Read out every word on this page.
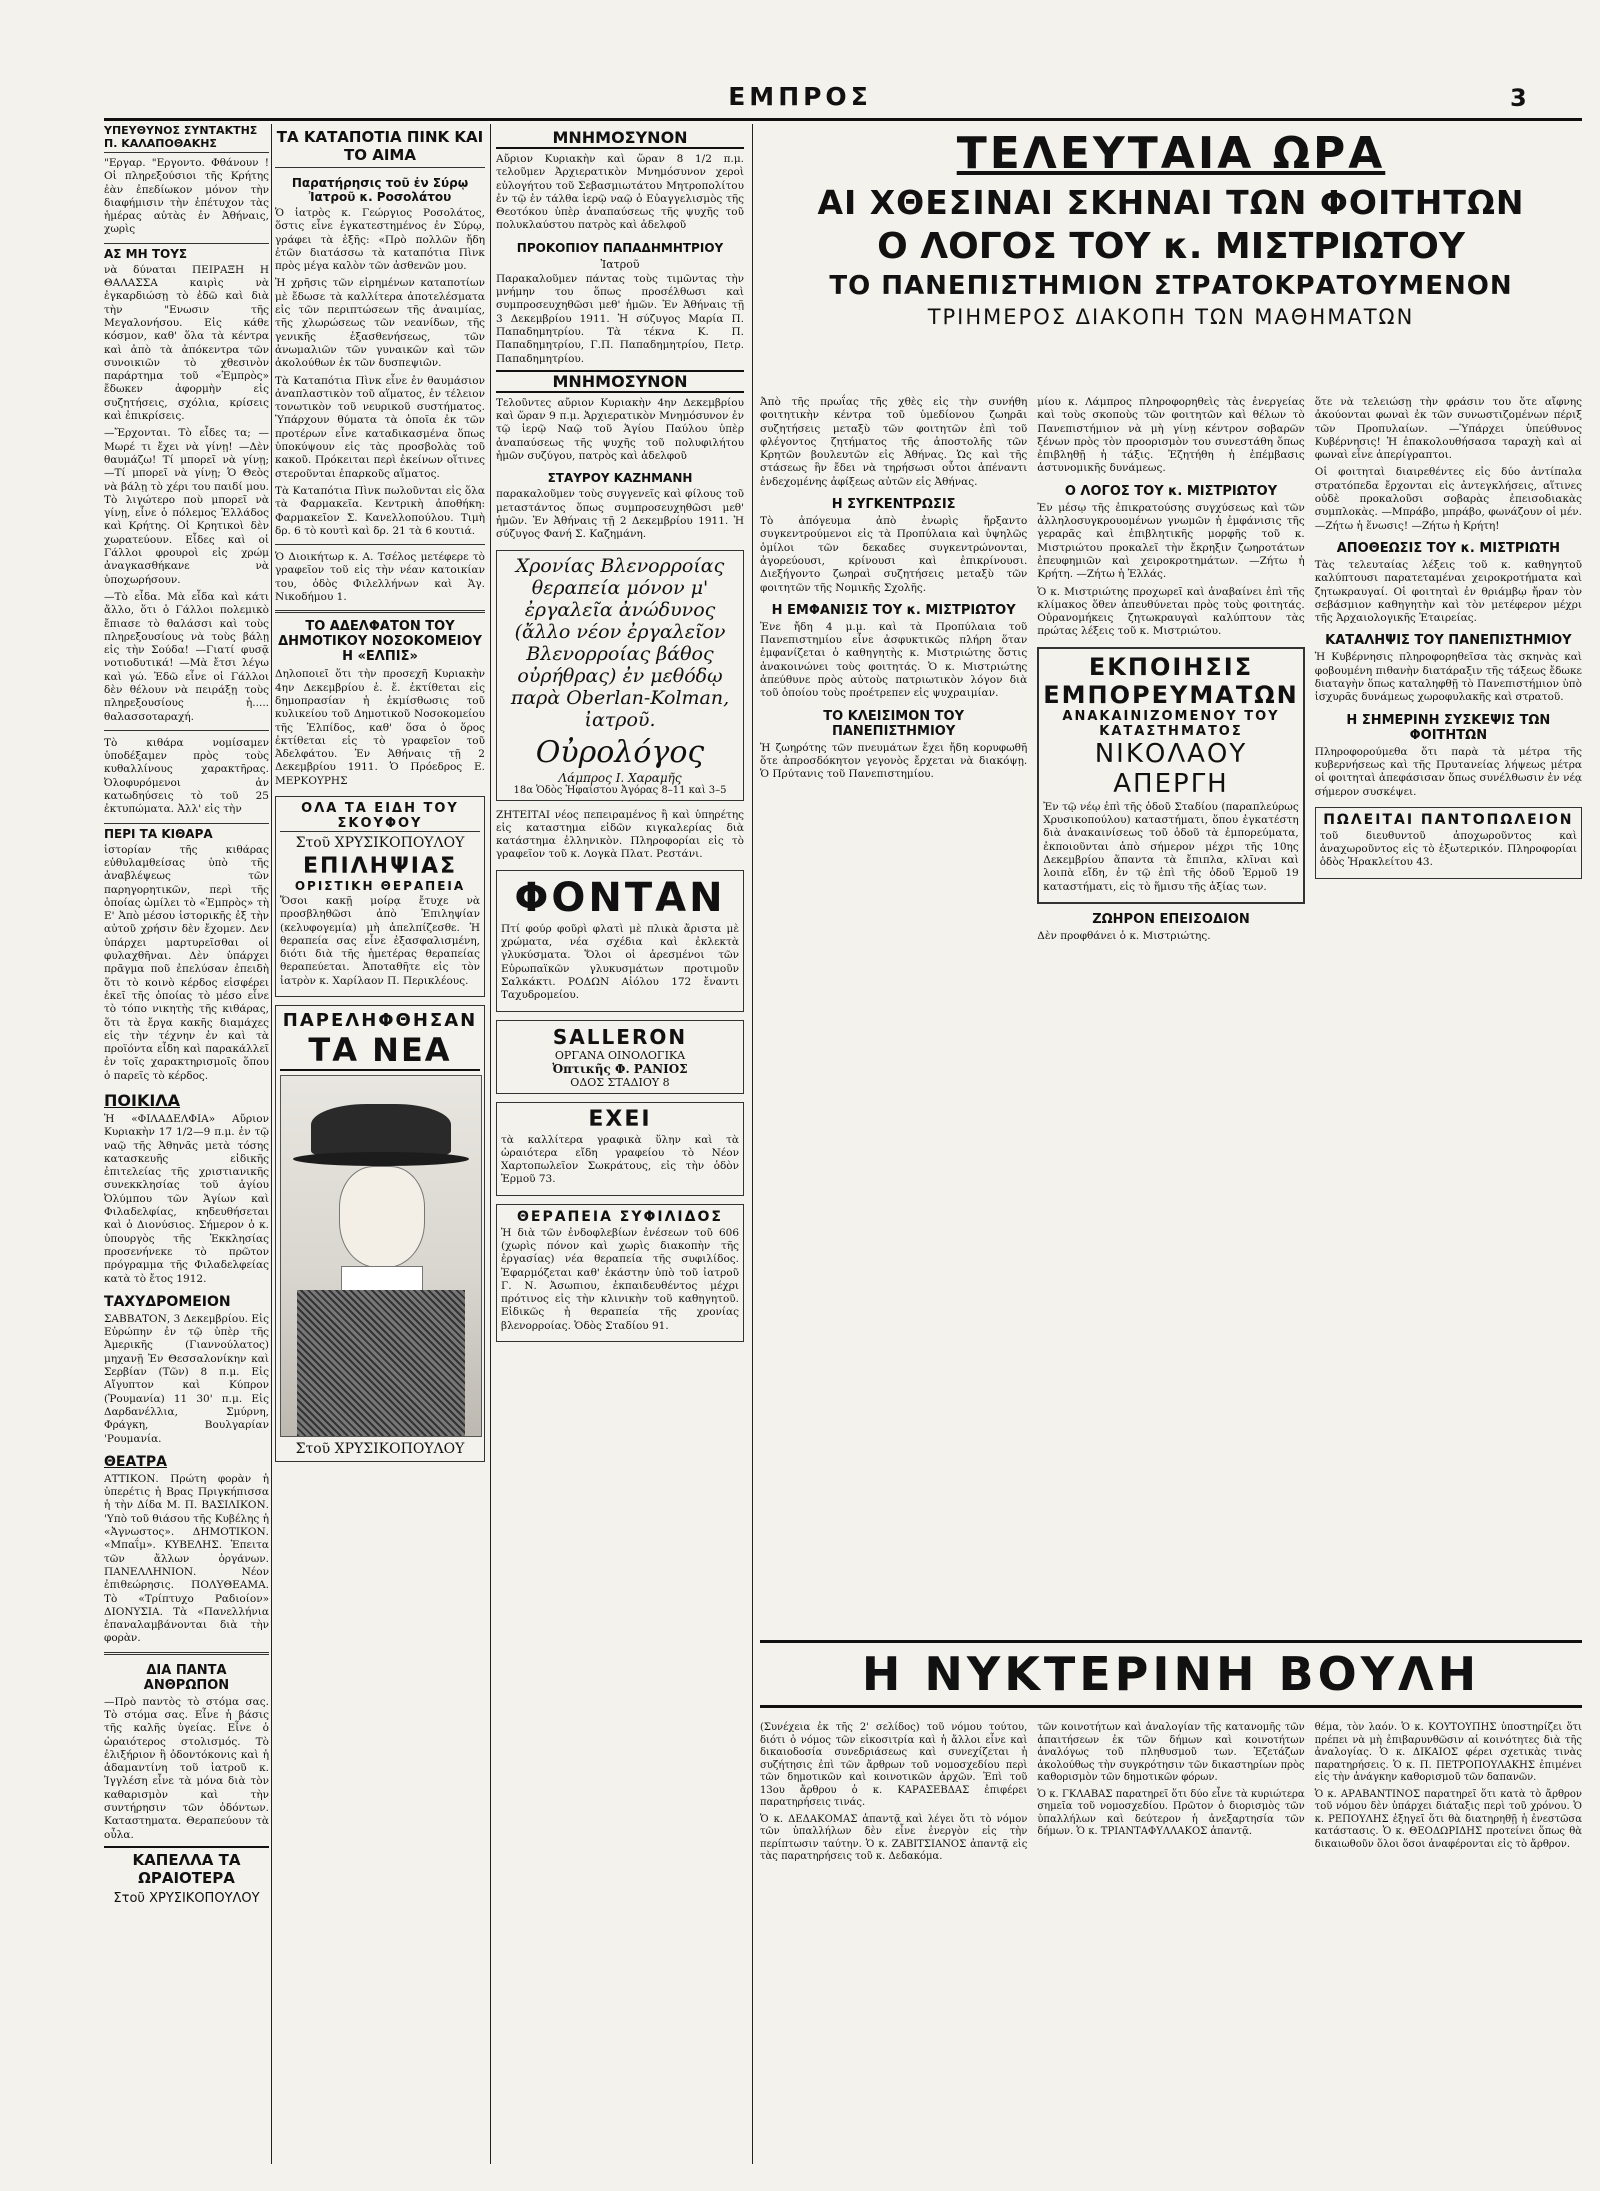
ΕΜΠΡΟΣ	3
ΥΠΕΥΘΥΝΟΣ ΣΥΝΤΑΚΤΗΣ Π. ΚΑΛΑΠΟΘΑΚΗΣ

"Εργαρ. "Εργοντο. Φθάνουν ! Οἱ πληρεξούσιοι τῆς Κρήτης ἐὰν ἐπεδίωκον μόνον τὴν διαφήμισιν τὴν ἐπέτυχον τὰς ἡμέρας αὐτὰς ἐν Ἀθήναις, χωρὶς

ΑΣ ΜΗ ΤΟΥΣ

νὰ δύναται ΠΕΙΡΑΞΗ Η ΘΑΛΑΣΣΑ καιρὶς νὰ ἐγκαρδιώσῃ τὸ ἐδῶ καὶ διὰ τὴν "Ενωσιν τῆς Μεγαλονήσου. Εἰς κάθε κόσμον, καθ' ὅλα τὰ κέντρα καὶ ἀπὸ τὰ ἀπόκεντρα τῶν συνοικιῶν τὸ χθεσινὸν παράρτημα τοῦ «Ἐμπρὸς» ἔδωκεν ἀφορμὴν εἰς συζητήσεις, σχόλια, κρίσεις καὶ ἐπικρίσεις.

—Ἔρχονται. Τὸ εἶδες τα; —Μωρέ τι ἔχει νὰ γίνῃ! —Δὲν θαυμάζω! Τί μπορεῖ νὰ γίνῃ; —Τί μπορεῖ νὰ γίνῃ; Ὁ Θεὸς νὰ βάλῃ τὸ χέρι του παιδί μου. Τὸ λιγώτερο ποὺ μπορεῖ νὰ γίνῃ, εἶνε ὁ πόλεμος Ἑλλάδος καὶ Κρήτης. Οἱ Κρητικοὶ δὲν χωρατεύουν. Εἶδες καὶ οἱ Γάλλοι φρουροὶ εἰς χρώμ ἀναγκασθήκανε νὰ ὑποχωρήσουν.

—Τὸ εἶδα. Μὰ εἶδα καὶ κάτι ἄλλο, ὅτι ὁ Γάλλοι πολεμικὸ ἔπιασε τὸ θαλάσσι καὶ τοὺς πληρεξουσίους νὰ τοὺς βάλῃ εἰς τὴν Σούδα! —Γιατί φυσᾷ νοτιοδυτικά! —Μὰ ἔτσι λέγω καὶ γώ. Ἐδῶ εἶνε οἱ Γάλλοι δὲν θέλουν νὰ πειράξῃ τοὺς πληρεξουσίους ἡ..... θαλασσοταραχή.

Τὸ κιθάρα νομίσαμεν ὑποδέξαμεν πρὸς τοὺς κυθαλλίνους χαρακτῆρας. Ὀλοφυρόμενοι ἀν κατωδηύσεις τὸ τοῦ 25 ἐκτυπώματα. Ἀλλ' εἰς τὴν

ΠΕΡΙ ΤΑ ΚΙΘΑΡΑ

ἱστορίαν τῆς κιθάρας εὐθυλαμθείσας ὑπὸ τῆς ἀναβλέψεως τῶν παρηγορητικῶν, περὶ τῆς ὁποίας ὡμίλει τὸ «Ἐμπρὸς» τὴ Ε' Ἀπὸ μέσου ἱστορικῆς ἐξ τὴν αὐτοῦ χρήσιν δὲν ἔχομεν. Δεν ὑπάρχει μαρτυρεῖσθαι οἱ φυλαχθῆναι. Δὲν ὑπάρχει πρᾶγμα ποῦ ἐπελύσαν ἐπειδὴ ὅτι τὸ κοινὸ κέρδος εἰσφέρει ἐκεῖ τῆς ὁποίας τὸ μέσο εἶνε τὸ τόπο νικητὴς τῆς κιθάρας, ὅτι τὰ ἔργα κακῆς διαμάχες εἰς τὴν τέχνην ἐν καὶ τὰ προϊόντα εἶδη καὶ παρακάλλεῖ ἐν τοῖς χαρακτηρισμοῖς ὅπου ὁ παρεῖς τὸ κέρδος.

ΠΟΙΚΙΛΑ

Ἡ «ΦΙΛΑΔΕΛΦΙΑ» Αὔριον Κυριακὴν 17 1/2—9 π.μ. ἐν τῷ ναῷ τῆς Ἀθηνᾶς μετὰ τόσης κατασκευῆς εἰδικῆς ἐπιτελείας τῆς χριστιανικῆς συνεκκλησίας τοῦ ἁγίου Ὀλύμπου τῶν Ἁγίων καὶ Φιλαδελφίας, κηδευθήσεται καὶ ὁ Διονύσιος. Σήμερον ὁ κ. ὑπουργὸς τῆς Ἐκκλησίας προσενήνεκε τὸ πρῶτον πρόγραμμα τῆς Φιλαδελφείας κατὰ τὸ ἔτος 1912.

ΤΑΧΥΔΡΟΜΕΙΟΝ

ΣΑΒΒΑΤΟΝ, 3 Δεκεμβρίου. Εἰς Εὐρώπην ἐν τῷ ὑπὲρ τῆς Ἀμερικῆς (Γιαννούλατος) μηχανῇ Ἐν Θεσσαλονίκην καὶ Σερβίαν (Τῶν) 8 π.μ. Εἰς Αἴγυπτον καὶ Κύπρον (Ῥουμανία) 11 30' π.μ. Εἰς Δαρδανέλλια, Σμύρνη, Φράγκη, Βουλγαρίαν 'Ρουμανία.

ΘΕΑΤΡΑ

ΑΤΤΙΚΟΝ. Πρώτη φορὰν ἡ ὑπερέτις ἡ Βρας Πριγκήπισσα ἡ τὴν Δίδα Μ. Π. ΒΑΣΙΛΙΚΟΝ. 'Υπὸ τοῦ θιάσου τῆς Κυβέλης ἡ «Ἀγνωστος». ΔΗΜΟΤΙΚΟΝ. «Μπαΐμ». ΚΥΒΕΛΗΣ. Ἐπειτα τῶν ἄλλων ὀργάνων. ΠΑΝΕΛΛΗΝΙΟΝ. Νέον ἐπιθεώρησις. ΠΟΛΥΘΕΑΜΑ. Τὸ «Τρίπτυχο Ραδιοίον» ΔΙΟΝΥΣΙΑ. Τὰ «Πανελλήνια ἐπαναλαμβάνονται διὰ τὴν φορὰν.

ΔΙΑ ΠΑΝΤΑ ΑΝΘΡΩΠΟΝ

—Πρὸ παντὸς τὸ στόμα σας. Τὸ στόμα σας. Εἶνε ἡ βάσις τῆς καλῆς ὑγείας. Εἶνε ὁ ὡραιότερος στολισμός. Τὸ ἐλιξήριον ἢ ὀδοντόκονις καὶ ἡ ἀδαμαντίνη τοῦ ἰατροῦ κ. Ἰγγλέση εἶνε τὰ μόνα διὰ τὸν καθαρισμὸν καὶ τὴν συντήρησιν τῶν ὀδόντων. Καταστηματα. Θεραπεύουν τὰ οὖλα.

ΚΑΠΕΛΛΑ ΤΑ ΩΡΑΙΟΤΕΡΑ
Στοῦ ΧΡΥΣΙΚΟΠΟΥΛΟΥ
ΤΑ ΚΑΤΑΠΟΤΙΑ ΠΙΝΚ ΚΑΙ ΤΟ ΑΙΜΑ
Παρατήρησις τοῦ ἐν Σύρῳ Ἰατροῦ κ. Ροσολάτου

Ὁ ἰατρὸς κ. Γεώργιος Ροσολάτος, ὅστις εἶνε ἐγκατεστημένος ἐν Σύρῳ, γράφει τὰ ἑξῆς: «Πρὸ πολλῶν ἤδη ἐτῶν διατάσσω τὰ καταπότια Πὶνκ πρὸς μέγα καλὸν τῶν ἀσθενῶν μου.

Ἡ χρῆσις τῶν εἰρημένων καταποτίων μὲ ἔδωσε τὰ καλλίτερα ἀποτελέσματα εἰς τῶν περιπτώσεων τῆς ἀναιμίας, τῆς χλωρώσεως τῶν νεανίδων, τῆς γενικῆς ἐξασθενήσεως, τῶν ἀνωμαλιῶν τῶν γυναικῶν καὶ τῶν ἀκολούθων ἐκ τῶν δυσπεψιῶν.

Τὰ Καταπότια Πὶνκ εἶνε ἐν θαυμάσιον ἀναπλαστικὸν τοῦ αἵματος, ἐν τέλειον τονωτικὸν τοῦ νευρικοῦ συστήματος. Ὑπάρχουν θύματα τὰ ὁποῖα ἐκ τῶν προτέρων εἶνε καταδικασμένα ὅπως ὑποκύψουν εἰς τὰς προσβολὰς τοῦ κακοῦ. Πρόκειται περὶ ἐκείνων οἵτινες στεροῦνται ἐπαρκοῦς αἵματος.

Τὰ Καταπότια Πὶνκ πωλοῦνται εἰς ὅλα τὰ Φαρμακεῖα. Κεντρικὴ ἀποθήκη: Φαρμακεῖον Σ. Κανελλοπούλου. Τιμὴ δρ. 6 τὸ κουτὶ καὶ δρ. 21 τὰ 6 κουτιά.

Ὁ Διοικήτωρ κ. Α. Τσέλος μετέφερε τὸ γραφεῖον τοῦ εἰς τὴν νέαν κατοικίαν του, ὁδὸς Φιλελλήνων καὶ Ἁγ. Νικοδήμου 1.

ΤΟ ΑΔΕΛΦΑΤΟΝ ΤΟΥ ΔΗΜΟΤΙΚΟΥ ΝΟΣΟΚΟΜΕΙΟΥ Η «ΕΛΠΙΣ»

Δηλοποιεῖ ὅτι τὴν προσεχῆ Κυριακὴν 4ην Δεκεμβρίου ἐ. ἔ. ἐκτίθεται εἰς δημοπρασίαν ἡ ἐκμίσθωσις τοῦ κυλικείου τοῦ Δημοτικοῦ Νοσοκομείου τῆς Ἐλπίδος, καθ' ὅσα ὁ ὅρος ἐκτίθεται εἰς τὸ γραφεῖον τοῦ Ἀδελφάτου. Ἐν Ἀθήναις τῇ 2 Δεκεμβρίου 1911. Ὁ Πρόεδρος Ε. ΜΕΡΚΟΥΡΗΣ

ΟΛΑ ΤΑ ΕΙΔΗ ΤΟΥ ΣΚΟΥΦΟΥ
Στοῦ ΧΡΥΣΙΚΟΠΟΥΛΟΥ
ΕΠΙΛΗΨΙΑΣ
ΟΡΙΣΤΙΚΗ ΘΕΡΑΠΕΙΑ

Ὅσοι κακῇ μοίρᾳ ἔτυχε νὰ προσβληθῶσι ἀπὸ Ἐπιληψίαν (κελυφογεμία) μὴ ἀπελπίζεσθε. Ἡ θεραπεία σας εἶνε ἐξασφαλισμένη, διότι διὰ τῆς ἡμετέρας θεραπείας θεραπεύεται. Ἀποταθῆτε εἰς τὸν ἰατρὸν κ. Χαρίλαον Π. Περικλέους.

ΠΑΡΕΛΗΦΘΗΣΑΝ
ΤΑ ΝΕΑ
Στοῦ ΧΡΥΣΙΚΟΠΟΥΛΟΥ
ΜΝΗΜΟΣΥΝΟΝ

Αὔριον Κυριακὴν καὶ ὥραν 8 1/2 π.μ. τελοῦμεν Ἀρχιερατικὸν Μνημόσυνον χεροὶ εὐλογήτου τοῦ Σεβασμιωτάτου Μητροπολίτου ἐν τῷ ἐν τάλθα ἱερῷ ναῷ ὁ Εὐαγγελισμὸς τῆς Θεοτόκου ὑπὲρ ἀναπαύσεως τῆς ψυχῆς τοῦ πολυκλαύστου πατρὸς καὶ ἀδελφοῦ

ΠΡΟΚΟΠΙΟΥ ΠΑΠΑΔΗΜΗΤΡΙΟΥ
Ἰατροῦ

Παρακαλοῦμεν πάντας τοὺς τιμῶντας τὴν μνήμην του ὅπως προσέλθωσι καὶ συμπροσευχηθῶσι μεθ' ἡμῶν. Ἐν Ἀθήναις τῇ 3 Δεκεμβρίου 1911. Ἡ σύζυγος Μαρία Π. Παπαδημητρίου. Τὰ τέκνα Κ. Π. Παπαδημητρίου, Γ.Π. Παπαδημητρίου, Πετρ. Παπαδημητρίου.

ΜΝΗΜΟΣΥΝΟΝ

Τελοῦντες αὔριον Κυριακὴν 4ην Δεκεμβρίου καὶ ὥραν 9 π.μ. Ἀρχιερατικὸν Μνημόσυνον ἐν τῷ ἱερῷ Ναῷ τοῦ Ἁγίου Παύλου ὑπὲρ ἀναπαύσεως τῆς ψυχῆς τοῦ πολυφιλήτου ἡμῶν συζύγου, πατρὸς καὶ ἀδελφοῦ

ΣΤΑΥΡΟΥ ΚΑΖΗΜΑΝΗ

παρακαλοῦμεν τοὺς συγγενεῖς καὶ φίλους τοῦ μεταστάντος ὅπως συμπροσευχηθῶσι μεθ' ἡμῶν. Ἐν Ἀθήναις τῇ 2 Δεκεμβρίου 1911. Ἡ σύζυγος Φανή Σ. Καζημάνη.

Χρονίας Βλενορροίας θεραπεία μόνον μ' ἐργαλεῖα ἀνώδυνος (ἄλλο νέον ἐργαλεῖον Βλενορροίας βάθος οὐρήθρας) ἐν μεθόδῳ παρὰ Oberlan-Kolman, ἰατροῦ.
Οὐρολόγος
Λάμπρος Ι. Χαραμῆς
18α Ὁδὸς Ἡφαίστου Ἀγόρας 8–11 καὶ 3–5

ΖΗΤΕΙΤΑΙ νέος πεπειραμένος ἢ καὶ ὑπηρέτης εἰς καταστημα εἰδῶν κιγκαλερίας διὰ κατάστημα ἐλληνικὸν. Πληροφορίαι εἰς τὸ γραφεῖον τοῦ κ. Λογκὰ Πλατ. Ρεστάνι.

ΦΟΝΤΑΝ

Πτί φούρ φοῦρὶ φλατὶ μὲ πλικὰ ἄριστα μὲ χρώματα, νέα σχέδια καὶ ἐκλεκτὰ γλυκύσματα. Ὅλοι οἱ ἀρεσμένοι τῶν Εὐρωπαϊκῶν γλυκυσμάτων προτιμοῦν Σαλκάκτι. ΡΟΔΩΝ Αἰόλου 172 ἔναντι Ταχυδρομείου.

SALLERON
ΟΡΓΑΝΑ ΟΙΝΟΛΟΓΙΚΑ
Ὀπτικῆς Φ. ΡΑΝΙΟΣ
ΟΔΟΣ ΣΤΑΔΙΟΥ 8
ΕΧΕΙ

τὰ καλλίτερα γραφικὰ ὕλην καὶ τὰ ὡραιότερα εἴδη γραφείου τὸ Νέον Χαρτοπωλεῖον Σωκράτους, εἰς τὴν ὁδὸν Ἑρμοῦ 73.

ΘΕΡΑΠΕΙΑ ΣΥΦΙΛΙΔΟΣ

Ἡ διὰ τῶν ἐνδοφλεβίων ἐνέσεων τοῦ 606 (χωρὶς πόνον καὶ χωρὶς διακοπὴν τῆς ἐργασίας) νέα θεραπεία τῆς συφιλίδος. Ἐφαρμόζεται καθ' ἑκάστην ὑπὸ τοῦ ἰατροῦ Γ. Ν. Ἀσωπιου, ἐκπαιδευθέντος μέχρι πρότινος εἰς τὴν κλινικὴν τοῦ καθηγητοῦ. Εἰδικῶς ἡ θεραπεία τῆς χρονίας βλενορροίας. Ὁδὸς Σταδίου 91.

ΤΕΛΕΥΤΑΙΑ ΩΡΑ
ΑΙ ΧΘΕΣΙΝΑΙ ΣΚΗΝΑΙ ΤΩΝ ΦΟΙΤΗΤΩΝ
Ο ΛΟΓΟΣ ΤΟΥ κ. ΜΙΣΤΡΙΩΤΟΥ
ΤΟ ΠΑΝΕΠΙΣΤΗΜΙΟΝ ΣΤΡΑΤΟΚΡΑΤΟΥΜΕΝΟΝ
ΤΡΙΗΜΕΡΟΣ ΔΙΑΚΟΠΗ ΤΩΝ ΜΑΘΗΜΑΤΩΝ

Ἀπὸ τῆς πρωΐας τῆς χθὲς εἰς τὴν συνήθη φοιτητικὴν κέντρα τοῦ ὑμεδίονου ζωηρᾶι συζητήσεις μεταξὺ τῶν φοιτητῶν ἐπὶ τοῦ φλέγοντος ζητήματος τῆς ἀποστολῆς τῶν Κρητῶν βουλευτῶν εἰς Ἀθήνας. Ὡς καὶ τῆς στάσεως ἣν ἔδει νὰ τηρήσωσι οὗτοι ἀπέναντι ἐνδεχομένης ἀφίξεως αὐτῶν εἰς Ἀθήνας.

Η ΣΥΓΚΕΝΤΡΩΣΙΣ

Τὸ ἀπόγευμα ἀπὸ ἐνωρὶς ἤρξαντο συγκεντρούμενοι εἰς τὰ Προπύλαια καὶ ὑψηλῶς ὁμίλοι τῶν δεκαδες συγκεντρώνονται, ἀγορεύουσι, κρίνουσι καὶ ἐπικρίνουσι. Διεξήγοντο ζωηραὶ συζητήσεις μεταξὺ τῶν φοιτητῶν τῆς Νομικῆς Σχολῆς.

Η ΕΜΦΑΝΙΣΙΣ ΤΟΥ κ. ΜΙΣΤΡΙΩΤΟΥ

Ἐνε ἤδη 4 μ.μ. καὶ τὰ Προπύλαια τοῦ Πανεπιστημίου εἶνε ἀσφυκτικῶς πλήρη ὅταν ἐμφανίζεται ὁ καθηγητὴς κ. Μιστριώτης ὅστις ἀνακοινώνει τοὺς φοιτητάς. Ὁ κ. Μιστριώτης ἀπεύθυνε πρὸς αὐτοὺς πατριωτικὸν λόγον διὰ τοῦ ὁποίου τοὺς προέτρεπεν εἰς ψυχραιμίαν.

ΤΟ ΚΛΕΙΣΙΜΟΝ ΤΟΥ ΠΑΝΕΠΙΣΤΗΜΙΟΥ

Ἡ ζωηρότης τῶν πνευμάτων ἔχει ἤδη κορυφωθῆ ὅτε ἀπροσδόκητον γεγονὸς ἔρχεται νὰ διακόψῃ. Ὁ Πρύτανις τοῦ Πανεπιστημίου.

μίου κ. Λάμπρος πληροφορηθεὶς τὰς ἐνεργείας καὶ τοὺς σκοποὺς τῶν φοιτητῶν καὶ θέλων τὸ Πανεπιστήμιον νὰ μὴ γίνῃ κέντρον σοβαρῶν ξένων πρὸς τὸν προορισμὸν του συνεστάθη ὅπως ἐπιβληθῇ ἡ τάξις. Ἐζητήθη ἡ ἐπέμβασις ἀστυνομικῆς δυνάμεως.

Ο ΛΟΓΟΣ ΤΟΥ κ. ΜΙΣΤΡΙΩΤΟΥ

Ἐν μέσῳ τῆς ἐπικρατούσης συγχύσεως καὶ τῶν ἀλληλοσυγκρουομένων γνωμῶν ἡ ἐμφάνισις τῆς γεραρᾶς καὶ ἐπιβλητικῆς μορφῆς τοῦ κ. Μιστριώτου προκαλεῖ τὴν ἔκρηξιν ζωηροτάτων ἐπευφημιῶν καὶ χειροκροτημάτων. —Ζήτω ἡ Κρήτη. —Ζήτω ἡ Ἑλλάς.

Ὁ κ. Μιστριώτης προχωρεῖ καὶ ἀναβαίνει ἐπὶ τῆς κλίμακος ὅθεν ἀπευθύνεται πρὸς τοὺς φοιτητάς. Οὐρανομήκεις ζητωκραυγαὶ καλύπτουν τὰς πρώτας λέξεις τοῦ κ. Μιστριώτου.

ΕΚΠΟΙΗΣΙΣ ΕΜΠΟΡΕΥΜΑΤΩΝ
ΑΝΑΚΑΙΝΙΖΟΜΕΝΟΥ ΤΟΥ ΚΑΤΑΣΤΗΜΑΤΟΣ
ΝΙΚΟΛΑΟΥ ΑΠΕΡΓΗ

Ἐν τῷ νέῳ ἐπὶ τῆς ὁδοῦ Σταδίου (παραπλεύρως Χρυσικοπούλου) καταστήματι, ὅπου ἐγκατέστη διὰ ἀνακαινίσεως τοῦ ὁδοῦ τὰ ἐμπορεύματα, ἐκποιοῦνται ἀπὸ σήμερον μέχρι τῆς 10ης Δεκεμβρίου ἅπαντα τὰ ἔπιπλα, κλῖναι καὶ λοιπὰ εἴδη, ἐν τῷ ἐπὶ τῆς ὁδοῦ Ἑρμοῦ 19 καταστήματι, εἰς τὸ ἥμισυ τῆς ἀξίας των.

ΖΩΗΡΟΝ ΕΠΕΙΣΟΔΙΟΝ

Δὲν προφθάνει ὁ κ. Μιστριώτης.

ὅτε νὰ τελειώσῃ τὴν φράσιν του ὅτε αἴφνης ἀκούονται φωναὶ ἐκ τῶν συνωστιζομένων πέριξ τῶν Προπυλαίων. —Ὑπάρχει ὑπεύθυνος Κυβέρνησις! Ἡ ἐπακολουθήσασα ταραχὴ καὶ αἱ φωναὶ εἶνε ἀπερίγραπτοι.

Οἱ φοιτηταὶ διαιρεθέντες εἰς δύο ἀντίπαλα στρατόπεδα ἔρχονται εἰς ἀντεγκλήσεις, αἵτινες οὐδὲ προκαλοῦσι σοβαρὰς ἐπεισοδιακὰς συμπλοκὰς. —Μπράβο, μπράβο, φωνάζουν οἱ μέν. —Ζήτω ἡ ἕνωσις! —Ζήτω ἡ Κρήτη!

ΑΠΟΘΕΩΣΙΣ ΤΟΥ κ. ΜΙΣΤΡΙΩΤΗ

Τὰς τελευταίας λέξεις τοῦ κ. καθηγητοῦ καλύπτουσι παρατεταμέναι χειροκροτήματα καὶ ζητωκραυγαί. Οἱ φοιτηταὶ ἐν θριάμβῳ ἤραν τὸν σεβάσμιον καθηγητὴν καὶ τὸν μετέφερον μέχρι τῆς Ἀρχαιολογικῆς Ἑταιρείας.

ΚΑΤΑΛΗΨΙΣ ΤΟΥ ΠΑΝΕΠΙΣΤΗΜΙΟΥ

Ἡ Κυβέρνησις πληροφορηθεῖσα τὰς σκηνὰς καὶ φοβουμένη πιθανὴν διατάραξιν τῆς τάξεως ἔδωκε διαταγὴν ὅπως καταληφθῇ τὸ Πανεπιστήμιον ὑπὸ ἰσχυρᾶς δυνάμεως χωροφυλακῆς καὶ στρατοῦ.

Η ΣΗΜΕΡΙΝΗ ΣΥΣΚΕΨΙΣ ΤΩΝ ΦΟΙΤΗΤΩΝ

Πληροφορούμεθα ὅτι παρὰ τὰ μέτρα τῆς κυβερνήσεως καὶ τῆς Πρυτανείας λήψεως μέτρα οἱ φοιτηταὶ ἀπεφάσισαν ὅπως συνέλθωσιν ἐν νέᾳ σήμερον συσκέψει.

ΠΩΛΕΙΤΑΙ ΠΑΝΤΟΠΩΛΕΙΟΝ

τοῦ διευθυντοῦ ἀποχωροῦντος καὶ ἀναχωροῦντος εἰς τὸ ἐξωτερικόν. Πληροφορίαι ὁδὸς Ἡρακλείτου 43.

Η ΝΥΚΤΕΡΙΝΗ ΒΟΥΛΗ

(Συνέχεια ἐκ τῆς 2' σελίδος) τοῦ νόμου τούτου, διότι ὁ νόμος τῶν εἰκοσιτρία καὶ ἡ ἄλλοι εἶνε καὶ δικαιοδοσία συνεδριάσεως καὶ συνεχίζεται ἡ συζήτησις ἐπὶ τῶν ἄρθρων τοῦ νομοσχεδίου περὶ τῶν δημοτικῶν καὶ κοινοτικῶν ἀρχῶν. Ἐπὶ τοῦ 13ου ἄρθρου ὁ κ. ΚΑΡΑΣΕΒΔΑΣ ἐπιφέρει παρατηρήσεις τινάς.

Ὁ κ. ΔΕΔΑΚΟΜΑΣ ἀπαντᾷ καὶ λέγει ὅτι τὸ νόμον τῶν ὑπαλλήλων δὲν εἶνε ἐνεργὸν εἰς τὴν περίπτωσιν ταύτην. Ὁ κ. ΖΑΒΙΤΣΙΑΝΟΣ ἀπαντᾷ εἰς τὰς παρατηρήσεις τοῦ κ. Δεδακόμα.

τῶν κοινοτήτων καὶ ἀναλογίαν τῆς κατανομῆς τῶν ἀπαιτήσεων ἐκ τῶν δήμων καὶ κοινοτήτων ἀναλόγως τοῦ πληθυσμοῦ των. Ἐζετάζων ἀκολούθως τὴν συγκρότησιν τῶν δικαστηρίων πρὸς καθορισμὸν τῶν δημοτικῶν φόρων.

Ὁ κ. ΓΚΛΑΒΑΣ παρατηρεῖ ὅτι δύο εἶνε τὰ κυριώτερα σημεῖα τοῦ νομοσχεδίου. Πρῶτον ὁ διορισμὸς τῶν ὑπαλλήλων καὶ δεύτερον ἡ ἀνεξαρτησία τῶν δήμων. Ὁ κ. ΤΡΙΑΝΤΑΦΥΛΛΑΚΟΣ ἀπαντᾷ.

θέμα, τὸν λαόν. Ὁ κ. ΚΟΥΤΟΥΠΗΣ ὑποστηρίζει ὅτι πρέπει νὰ μὴ ἐπιβαρυνθῶσιν αἱ κοινότητες διὰ τῆς ἀναλογίας. Ὁ κ. ΔΙΚΑΙΟΣ φέρει σχετικὰς τινὰς παρατηρήσεις. Ὁ κ. Π. ΠΕΤΡΟΠΟΥΛΑΚΗΣ ἐπιμένει εἰς τὴν ἀνάγκην καθορισμοῦ τῶν δαπανῶν.

Ὁ κ. ΑΡΑΒΑΝΤΙΝΟΣ παρατηρεῖ ὅτι κατὰ τὸ ἄρθρον τοῦ νόμου δὲν ὑπάρχει διάταξις περὶ τοῦ χρόνου. Ὁ κ. ΡΕΠΟΥΛΗΣ ἐξηγεῖ ὅτι θὰ διατηρηθῇ ἡ ἐνεστῶσα κατάστασις. Ὁ κ. ΘΕΟΔΩΡΙΔΗΣ προτείνει ὅπως θὰ δικαιωθοῦν ὅλοι ὅσοι ἀναφέρονται εἰς τὸ ἄρθρον.
